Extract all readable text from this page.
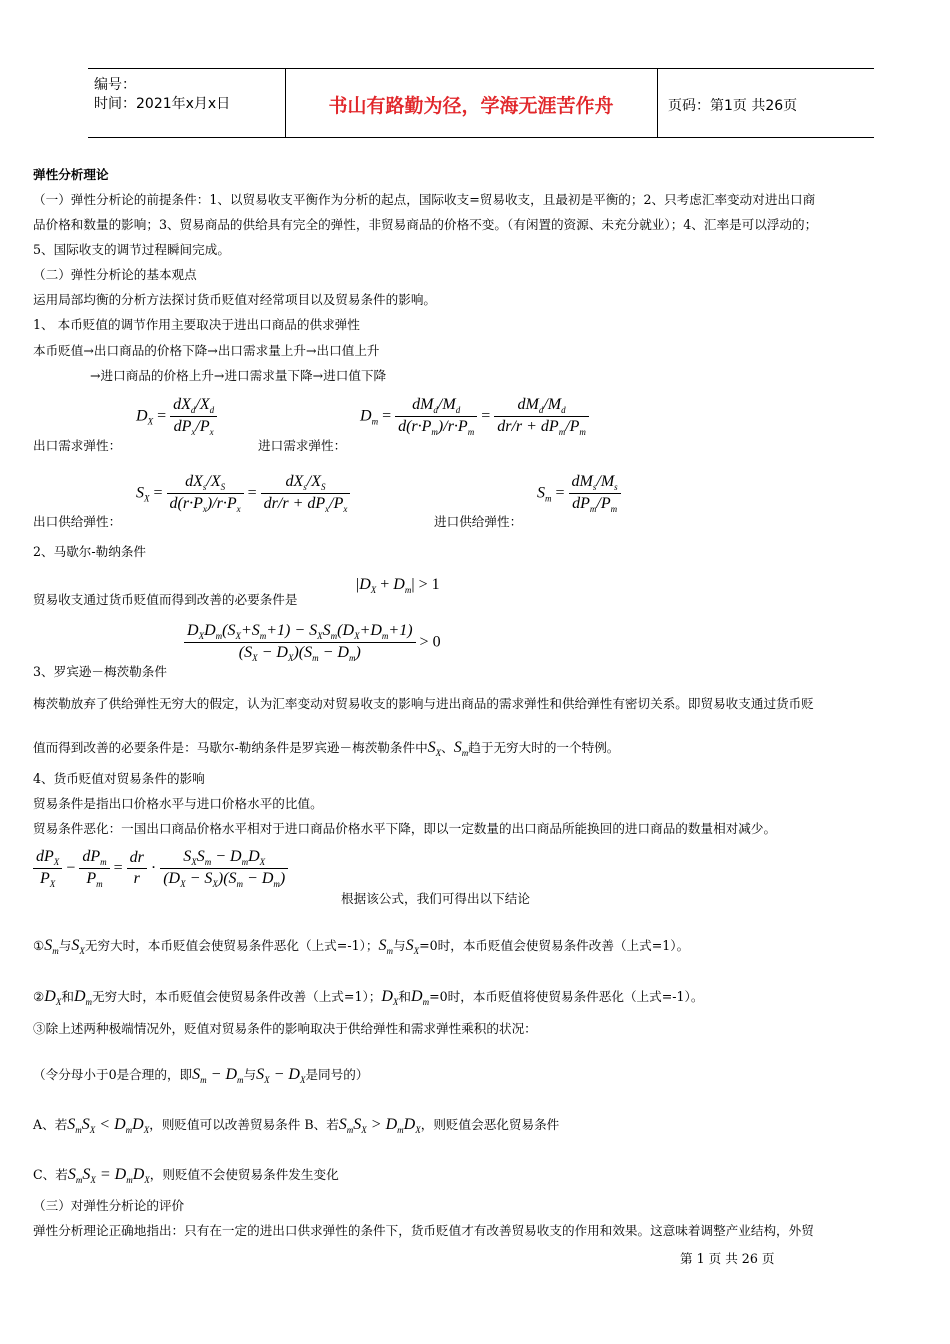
编号：
时间：2021年x月x日	书山有路勤为径，学海无涯苦作舟	页码：第1页 共26页
弹性分析理论
（一）弹性分析论的前提条件：1、以贸易收支平衡作为分析的起点，国际收支=贸易收支，且最初是平衡的；2、只考虑汇率变动对进出口商
品价格和数量的影响；3、贸易商品的供给具有完全的弹性，非贸易商品的价格不变。（有闲置的资源、未充分就业）；4、汇率是可以浮动的；
5、国际收支的调节过程瞬间完成。
（二）弹性分析论的基本观点
运用局部均衡的分析方法探讨货币贬值对经常项目以及贸易条件的影响。
1、 本币贬值的调节作用主要取决于进出口商品的供求弹性
本币贬值→出口商品的价格下降→出口需求量上升→出口值上升
→进口商品的价格上升→进口需求量下降→进口值下降
出口需求弹性：
$D_X = \frac{dX_d/X_d}{dP_x/P_x}$
进口需求弹性：
$D_m = \frac{dM_d/M_d}{d(r\cdot P_m)/r\cdot P_m} = \frac{dM_d/M_d}{dr/r + dP_m/P_m}$
出口供给弹性：
$S_X = \frac{dX_s/X_S}{d(r\cdot P_x)/r\cdot P_x} = \frac{dX_s/X_S}{dr/r + dP_x/P_x}$
进口供给弹性：
$S_m = \frac{dM_s/M_s}{dP_m/P_m}$
2、马歇尔-勒纳条件
贸易收支通过货币贬值而得到改善的必要条件是
$|D_X + D_m| > 1$
$\frac{D_XD_m(S_X+S_m+1) - S_XS_m(D_X+D_m+1)}{(S_X - D_X)(S_m - D_m)} > 0$
3、罗宾逊－梅茨勒条件
梅茨勒放弃了供给弹性无穷大的假定，认为汇率变动对贸易收支的影响与进出商品的需求弹性和供给弹性有密切关系。即贸易收支通过货币贬
值而得到改善的必要条件是：马歇尔-勒纳条件是罗宾逊－梅茨勒条件中$S_X$、$S_m$趋于无穷大时的一个特例。
4、货币贬值对贸易条件的影响
贸易条件是指出口价格水平与进口价格水平的比值。
贸易条件恶化：一国出口商品价格水平相对于进口商品价格水平下降，即以一定数量的出口商品所能换回的进口商品的数量相对减少。
$\frac{dP_X}{P_X} - \frac{dP_m}{P_m} = \frac{dr}{r} \cdot \frac{S_XS_m - D_mD_X}{(D_X - S_X)(S_m - D_m)}$
根据该公式，我们可得出以下结论
$①S_m$与$S_X$无穷大时，本币贬值会使贸易条件恶化（上式=-1）；$S_m$与$S_X=0$时，本币贬值会使贸易条件改善（上式=1）。
$②D_X$和$D_m$无穷大时，本币贬值会使贸易条件改善（上式=1）；$D_X$和$D_m=0$时，本币贬值将使贸易条件恶化（上式=-1）。
③除上述两种极端情况外，贬值对贸易条件的影响取决于供给弹性和需求弹性乘积的状况：
（令分母小于0是合理的，即$S_m - D_m$与$S_X - D_X$是同号的）
A、若$S_mS_X < D_mD_X$，则贬值可以改善贸易条件 B、若$S_mS_X > D_mD_X$，则贬值会恶化贸易条件
C、若$S_mS_X = D_mD_X$，则贬值不会使贸易条件发生变化
（三）对弹性分析论的评价
弹性分析理论正确地指出：只有在一定的进出口供求弹性的条件下，货币贬值才有改善贸易收支的作用和效果。这意味着调整产业结构，外贸
第 1 页 共 26 页
